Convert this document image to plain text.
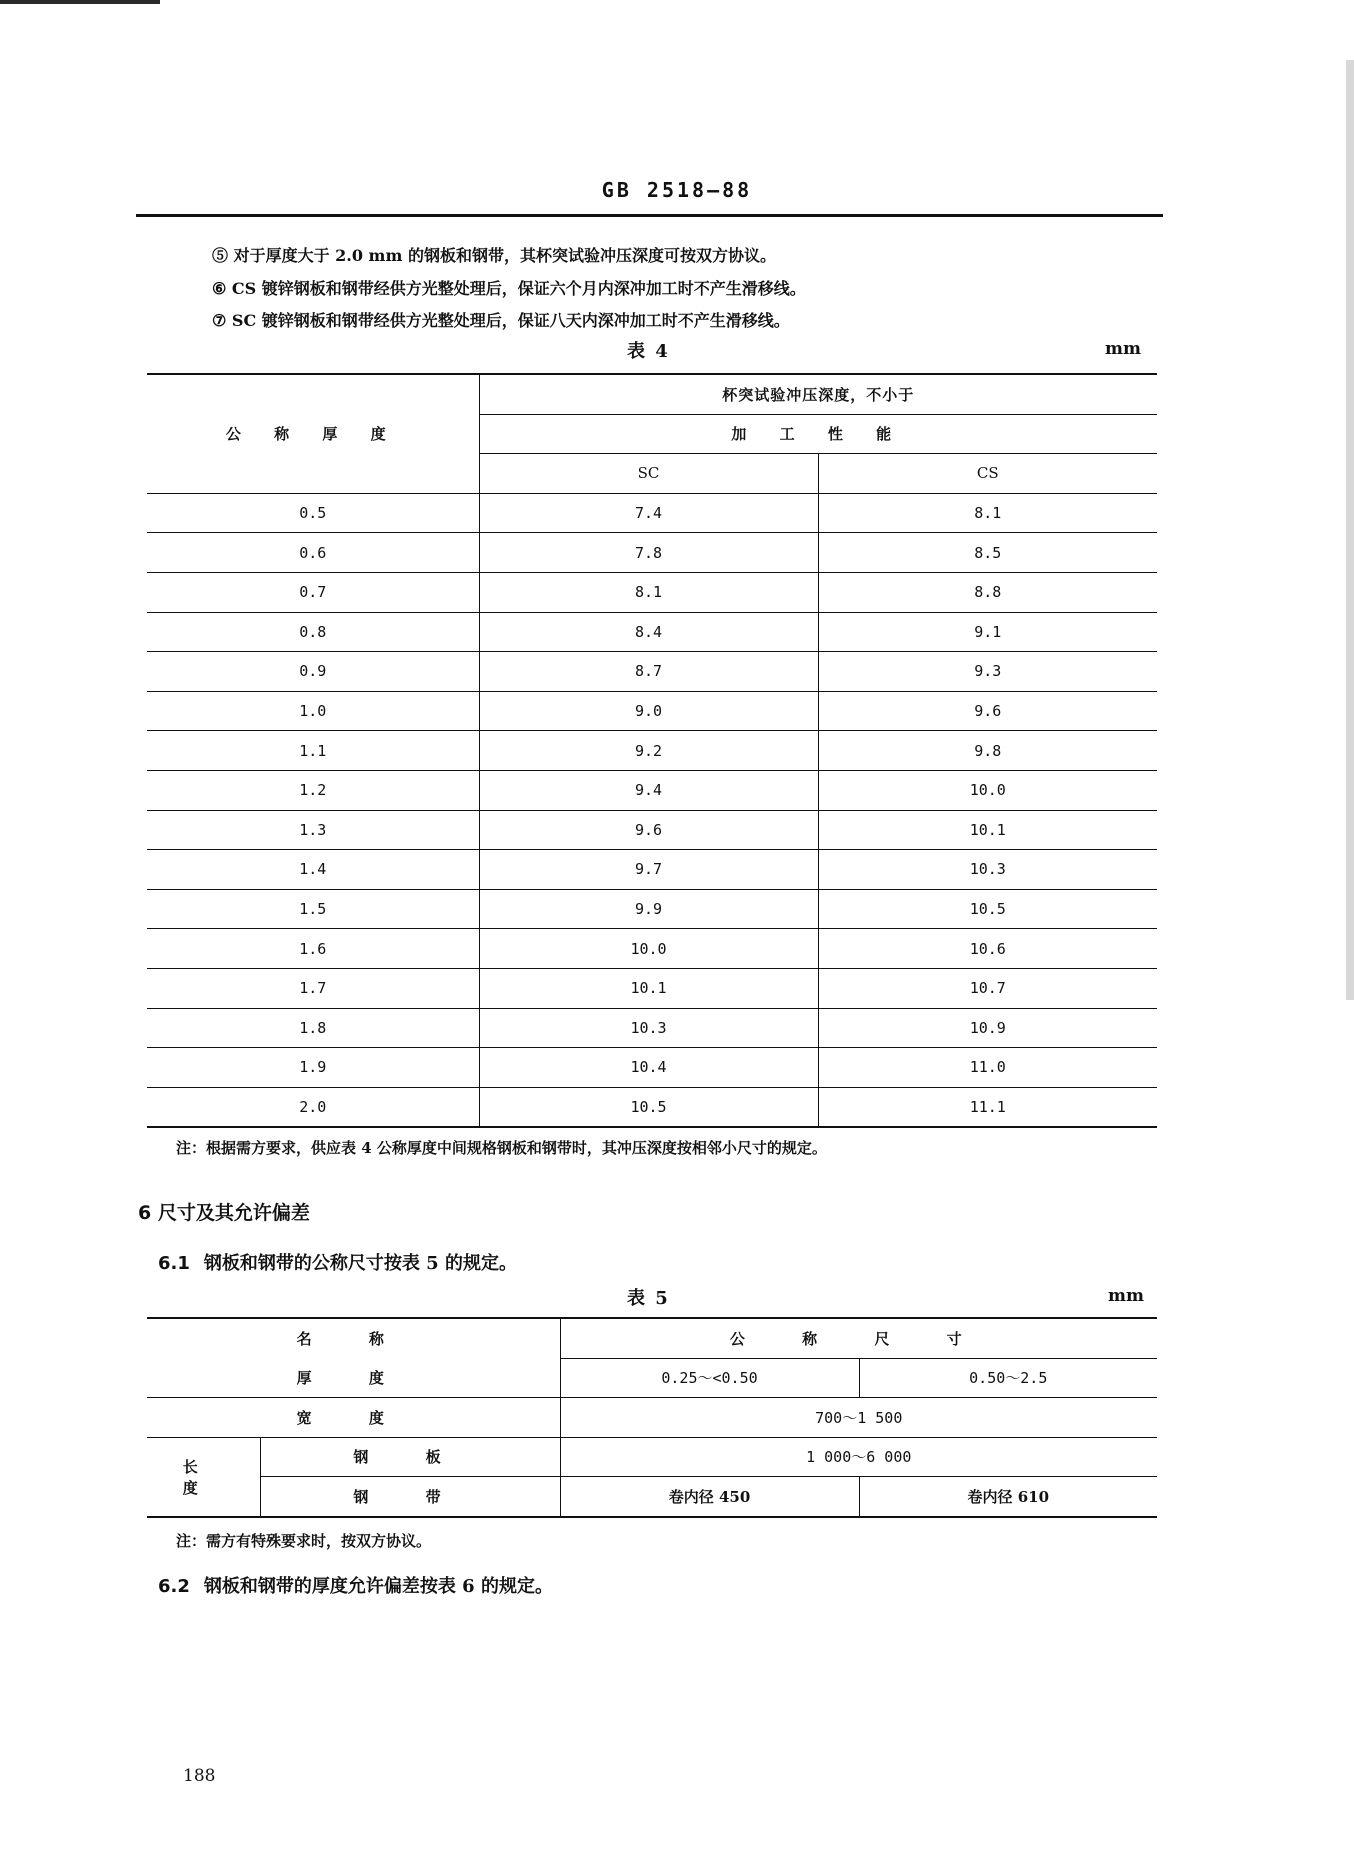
GB 2518—88
⑤ 对于厚度大于 2.0 mm 的钢板和钢带，其杯突试验冲压深度可按双方协议。
⑥ CS 镀锌钢板和钢带经供方光整处理后，保证六个月内深冲加工时不产生滑移线。
⑦ SC 镀锌钢板和钢带经供方光整处理后，保证八天内深冲加工时不产生滑移线。
表 4	mm
公 称 厚 度	杯突试验冲压深度，不小于	
	加 工 性 能	
	SC	CS
0.5	7.4	8.1
0.6	7.8	8.5
0.7	8.1	8.8
0.8	8.4	9.1
0.9	8.7	9.3
1.0	9.0	9.6
1.1	9.2	9.8
1.2	9.4	10.0
1.3	9.6	10.1
1.4	9.7	10.3
1.5	9.9	10.5
1.6	10.0	10.6
1.7	10.1	10.7
1.8	10.3	10.9
1.9	10.4	11.0
2.0	10.5	11.1
注：根据需方要求，供应表 4 公称厚度中间规格钢板和钢带时，其冲压深度按相邻小尺寸的规定。
6 尺寸及其允许偏差
6.1 钢板和钢带的公称尺寸按表 5 的规定。
表 5	mm
名 称		公 称 尺 寸	
厚 度		0.25～<0.50	0.50～2.5
宽 度		700～1 500	
长 度	钢 板	1 000～6 000	
	钢 带	卷内径 450	卷内径 610
注：需方有特殊要求时，按双方协议。
6.2 钢板和钢带的厚度允许偏差按表 6 的规定。
188
